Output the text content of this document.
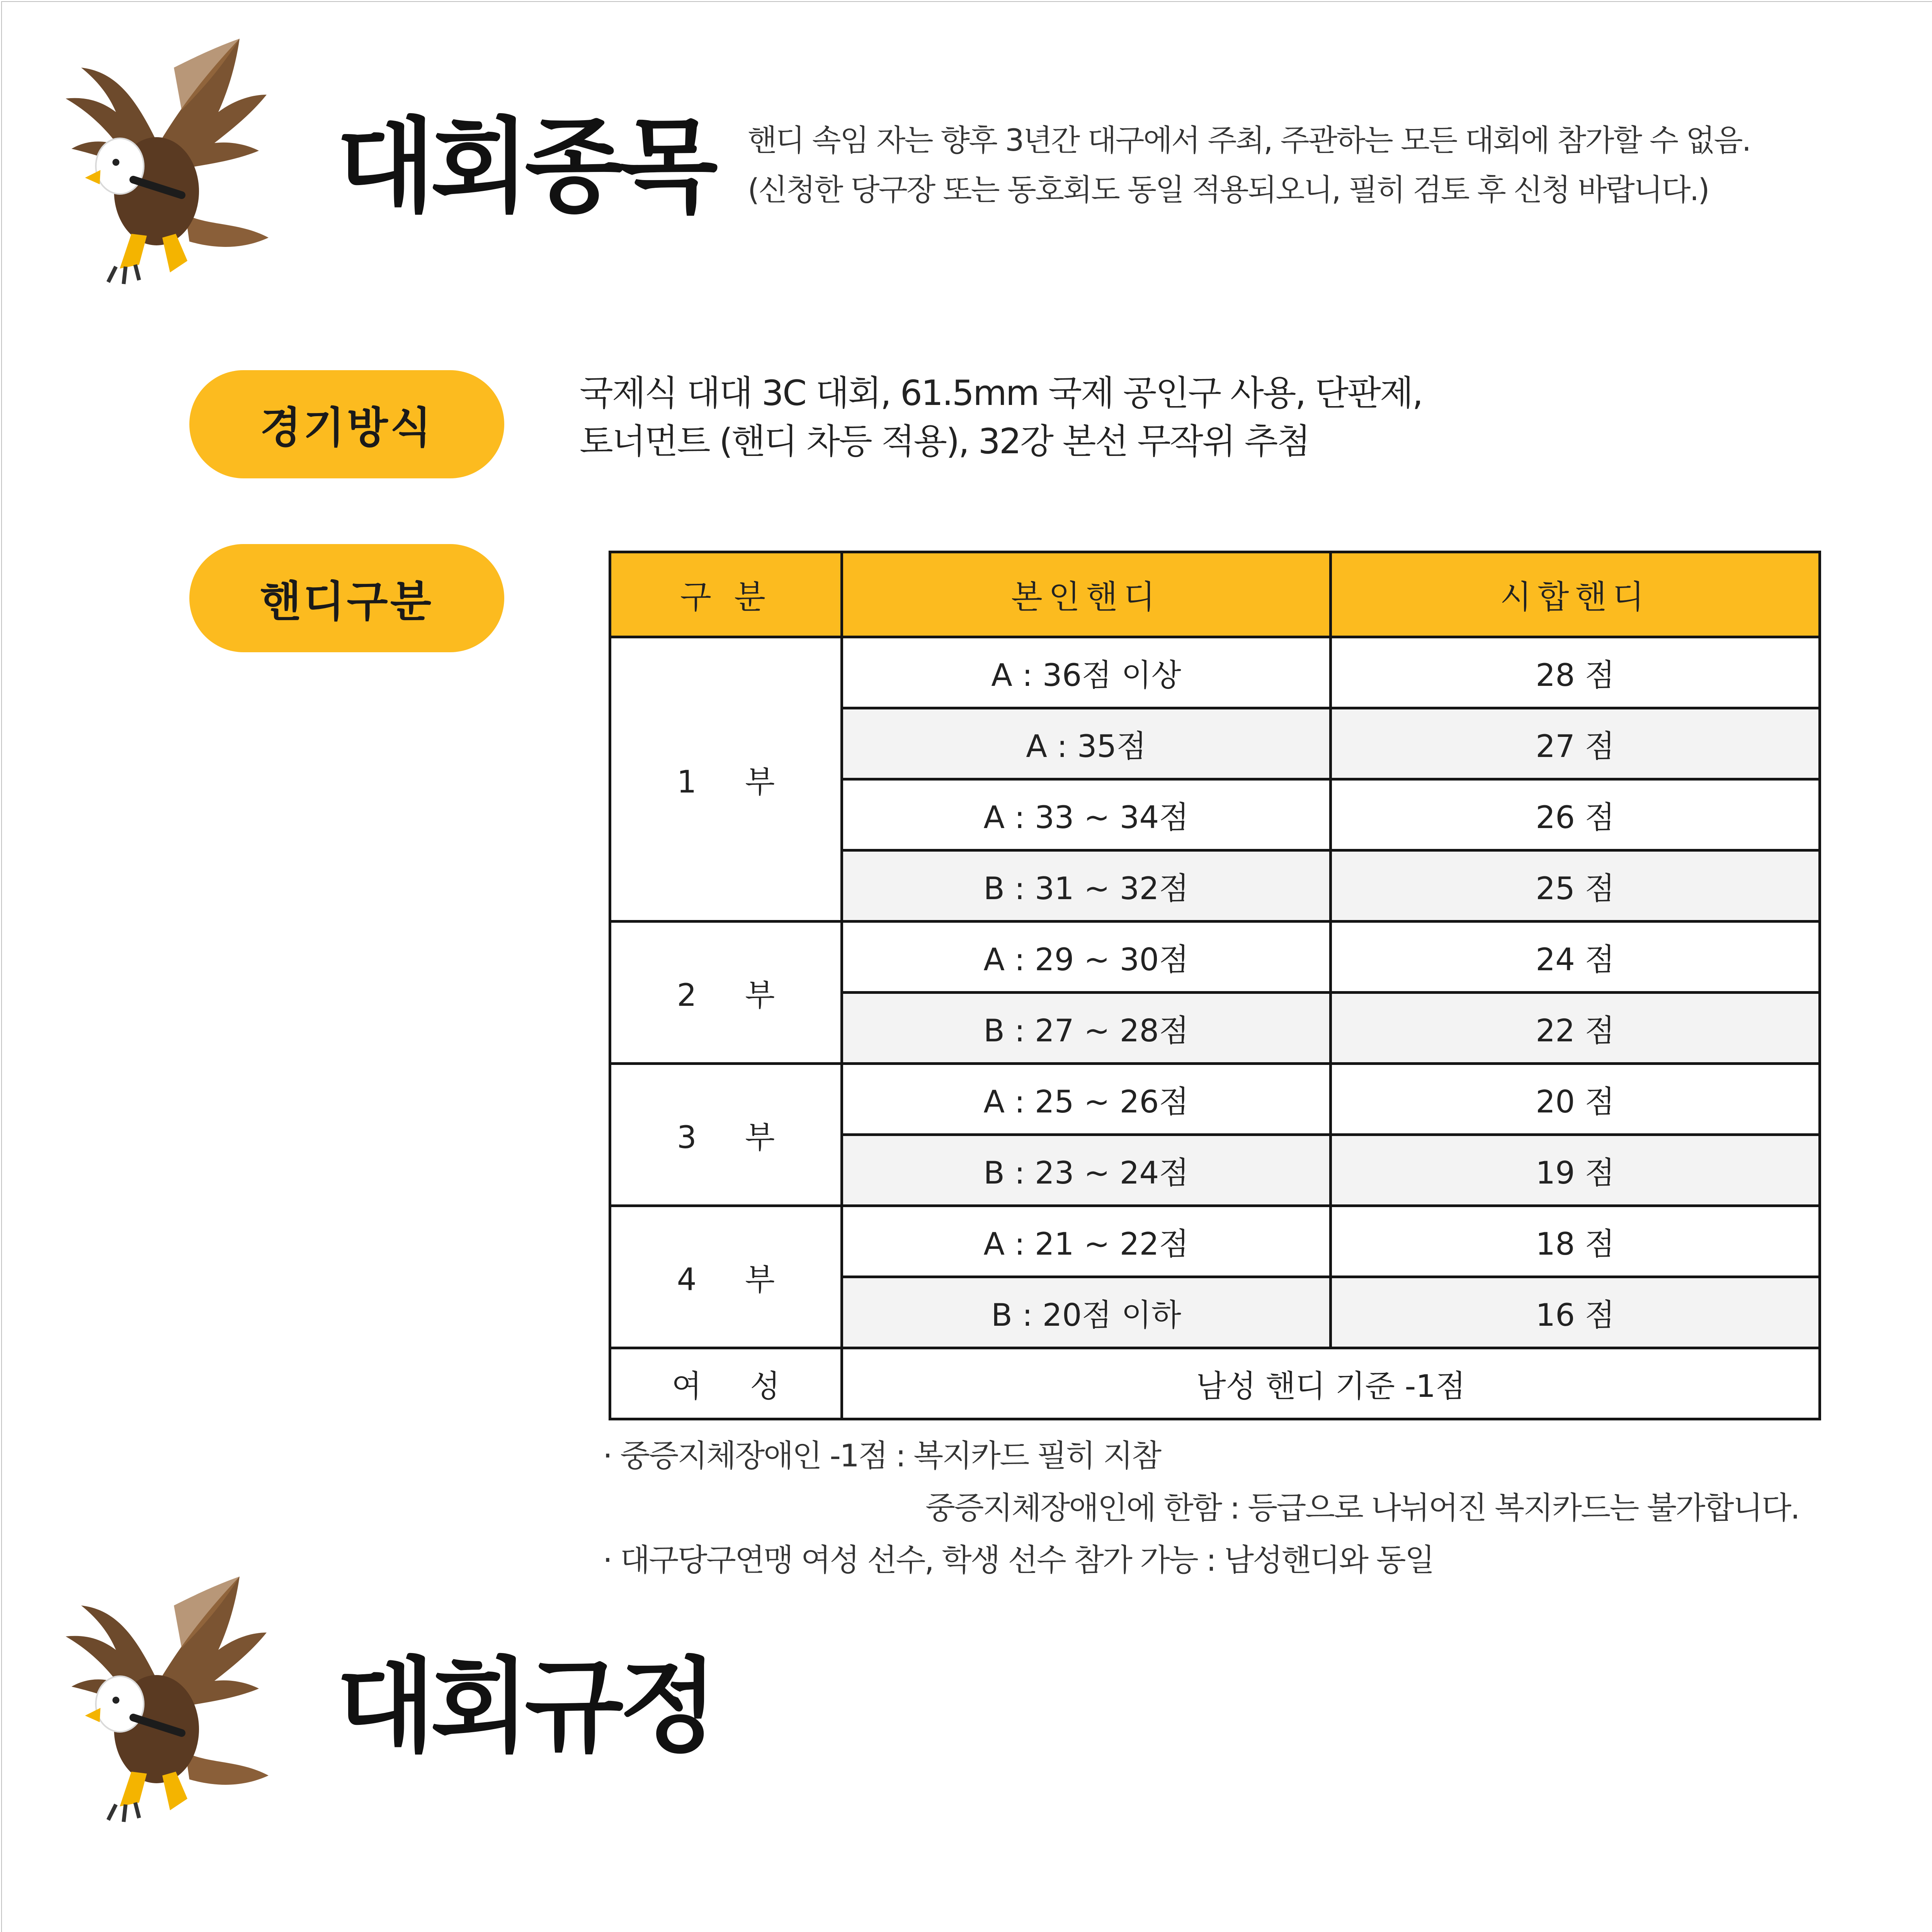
대회종목 핸디 속임 자는 향후 3년간 대구에서 주최, 주관하는 모든 대회에 참가할 수 없음.
(신청한 당구장 또는 동호회도 동일 적용되오니, 필히 검토 후 신청 바랍니다.)
경기방식
국제식 대대 3C 대회, 61.5mm 국제 공인구 사용, 단판제,
토너먼트 (핸디 차등 적용), 32강 본선 무작위 추첨
핸디구분	구 분	본인핸디	시합핸디
1 부	A : 36점 이상	28 점
	A : 35점	27 점
	A : 33 ~ 34점	26 점
	B : 31 ~ 32점	25 점
2 부	A : 29 ~ 30점	24 점
	B : 27 ~ 28점	22 점
3 부	A : 25 ~ 26점	20 점
	B : 23 ~ 24점	19 점
4 부	A : 21 ~ 22점	18 점
	B : 20점 이하	16 점
여 성	남성 핸디 기준 -1점	
· 중증지체장애인 -1점 : 복지카드 필히 지참
중증지체장애인에 한함 : 등급으로 나뉘어진 복지카드는 불가합니다.
· 대구당구연맹 여성 선수, 학생 선수 참가 가능 : 남성핸디와 동일
대회규정
